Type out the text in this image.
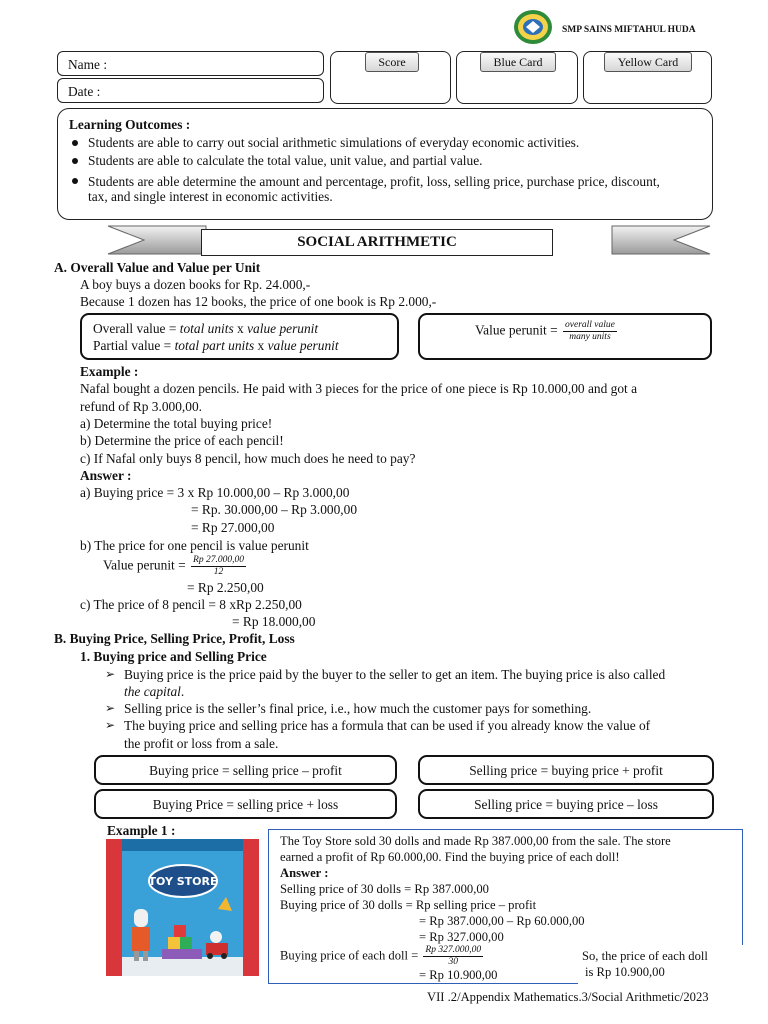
SMP SAINS MIFTAHUL HUDA
Name :
Date :
Score	Blue Card	Yellow Card
Learning Outcomes :
Students are able to carry out social arithmetic simulations of everyday economic activities.
Students are able to calculate the total value, unit value, and partial value.
Students are able determine the amount and percentage, profit, loss, selling price, purchase price, discount,
tax, and single interest in economic activities.
SOCIAL ARITHMETIC
A. Overall Value and Value per Unit
A boy buys a dozen books for Rp. 24.000,-
Because 1 dozen has 12 books, the price of one book is Rp 2.000,-
Overall value = total units x value perunit
Partial value = total part units x value perunit
Value perunit = $\frac{\text{overall value}}{\text{many units}}$
Example :
Nafal bought a dozen pencils. He paid with 3 pieces for the price of one piece is Rp 10.000,00 and got a
refund of Rp 3.000,00.
a) Determine the total buying price!
b) Determine the price of each pencil!
c) If Nafal only buys 8 pencil, how much does he need to pay?
Answer :
a) Buying price = 3 x Rp 10.000,00 – Rp 3.000,00
= Rp. 30.000,00 – Rp 3.000,00
= Rp 27.000,00
b) The price for one pencil is value perunit
Value perunit = $\frac{Rp 27.000,00}{12}$
= Rp 2.250,00
c) The price of 8 pencil = 8 xRp 2.250,00
= Rp 18.000,00
B. Buying Price, Selling Price, Profit, Loss
1. Buying price and Selling Price
➢ Buying price is the price paid by the buyer to the seller to get an item. The buying price is also called
the capital.
➢ Selling price is the seller’s final price, i.e., how much the customer pays for something.
➢ The buying price and selling price has a formula that can be used if you already know the value of
the profit or loss from a sale.
Buying price = selling price – profit	Selling price = buying price + profit
Buying Price = selling price + loss	Selling price = buying price – loss
Example 1 :
TOY STORE
The Toy Store sold 30 dolls and made Rp 387.000,00 from the sale. The store
earned a profit of Rp 60.000,00. Find the buying price of each doll!
Answer :
Selling price of 30 dolls = Rp 387.000,00
Buying price of 30 dolls = Rp selling price – profit
= Rp 387.000,00 – Rp 60.000,00
= Rp 327.000,00
Buying price of each doll = $\frac{Rp 327.000,00}{30}$
= Rp 10.900,00
So, the price of each doll
is Rp 10.900,00
VII .2/Appendix Mathematics.3/Social Arithmetic/2023
